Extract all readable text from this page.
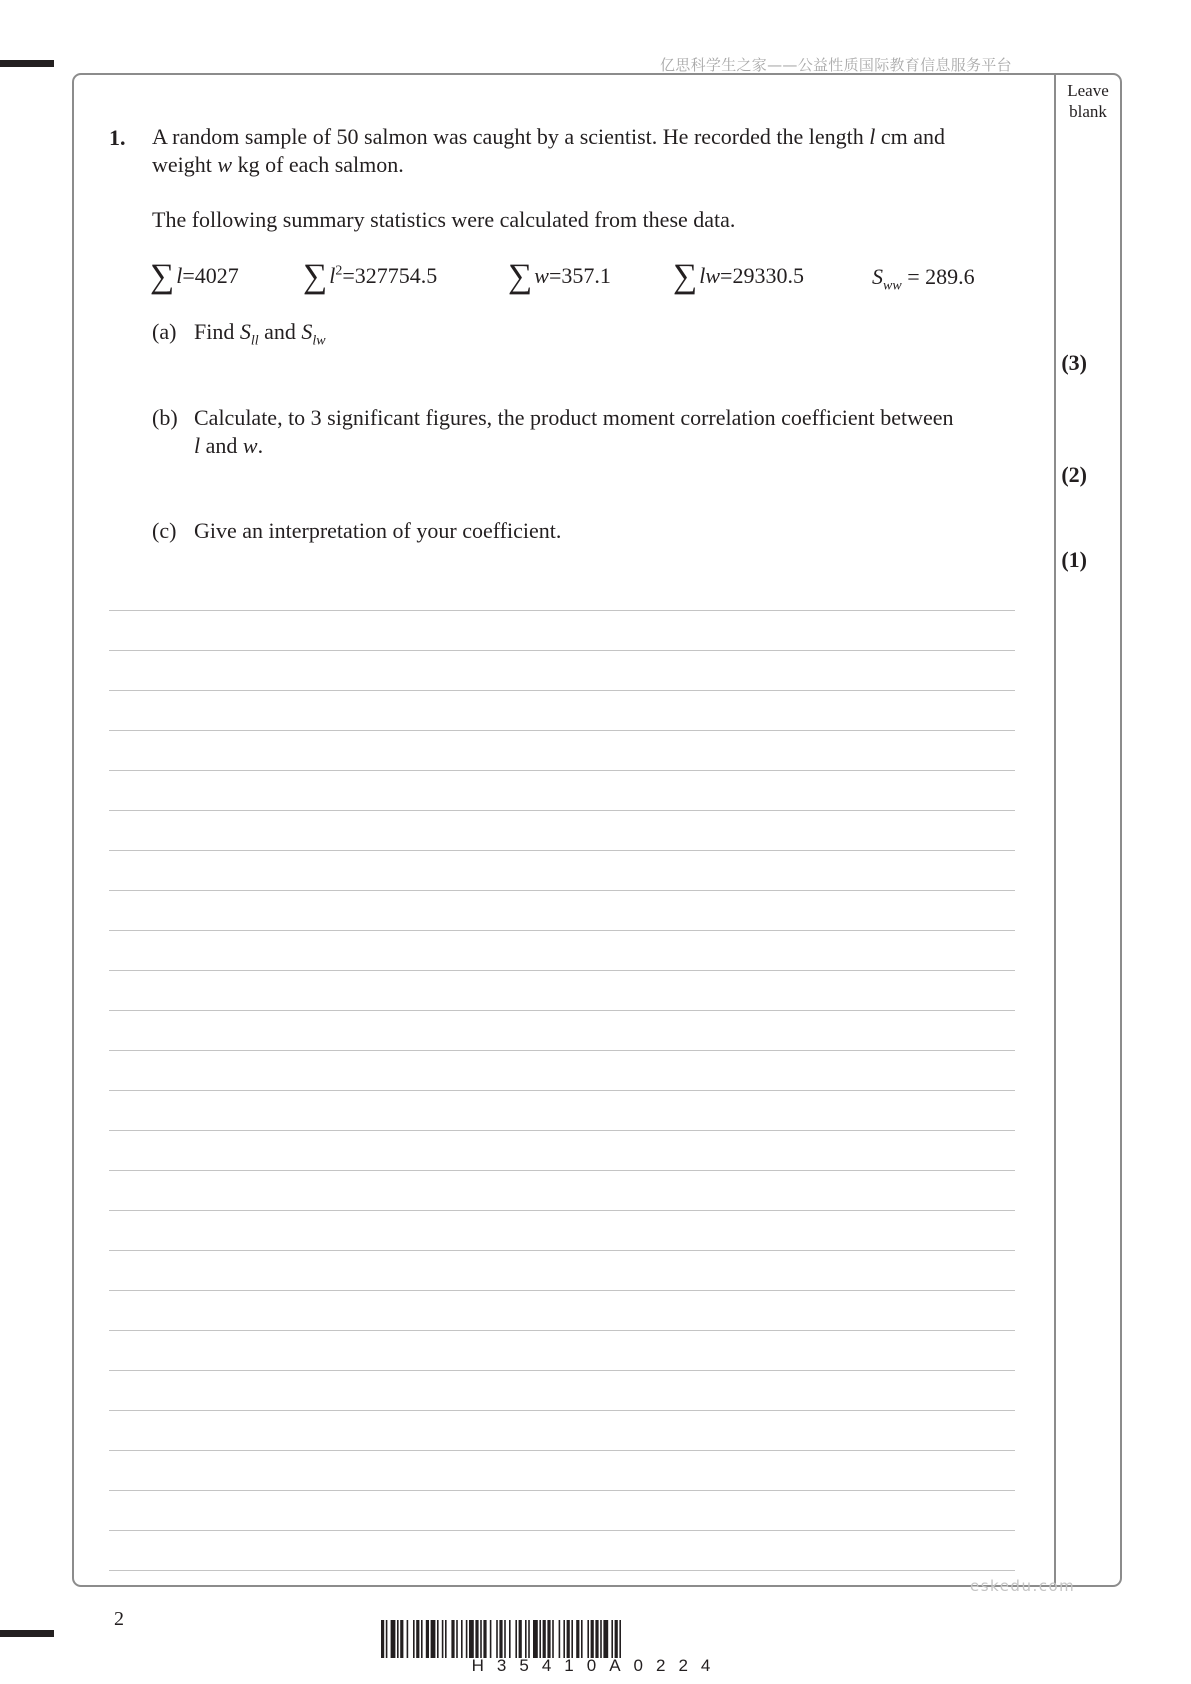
亿思科学生之家——公益性质国际教育信息服务平台
Leave
blank
1. A random sample of 50 salmon was caught by a scientist. He recorded the length l cm and

weight w kg of each salmon.

The following summary statistics were calculated from these data.
∑l=4027 $\sum l^2=327754.5$ ∑w=357.1 ∑lw=29330.5	$S_{ww} = 289.6$
(a) Find $S_{ll}$ and $S_{lw}$
(3)
(b) Calculate, to 3 significant figures, the product moment correlation coefficient between
l and w.
(2)
(c) Give an interpretation of your coefficient.
(1)
eskedu.com
2
H35410A0224
